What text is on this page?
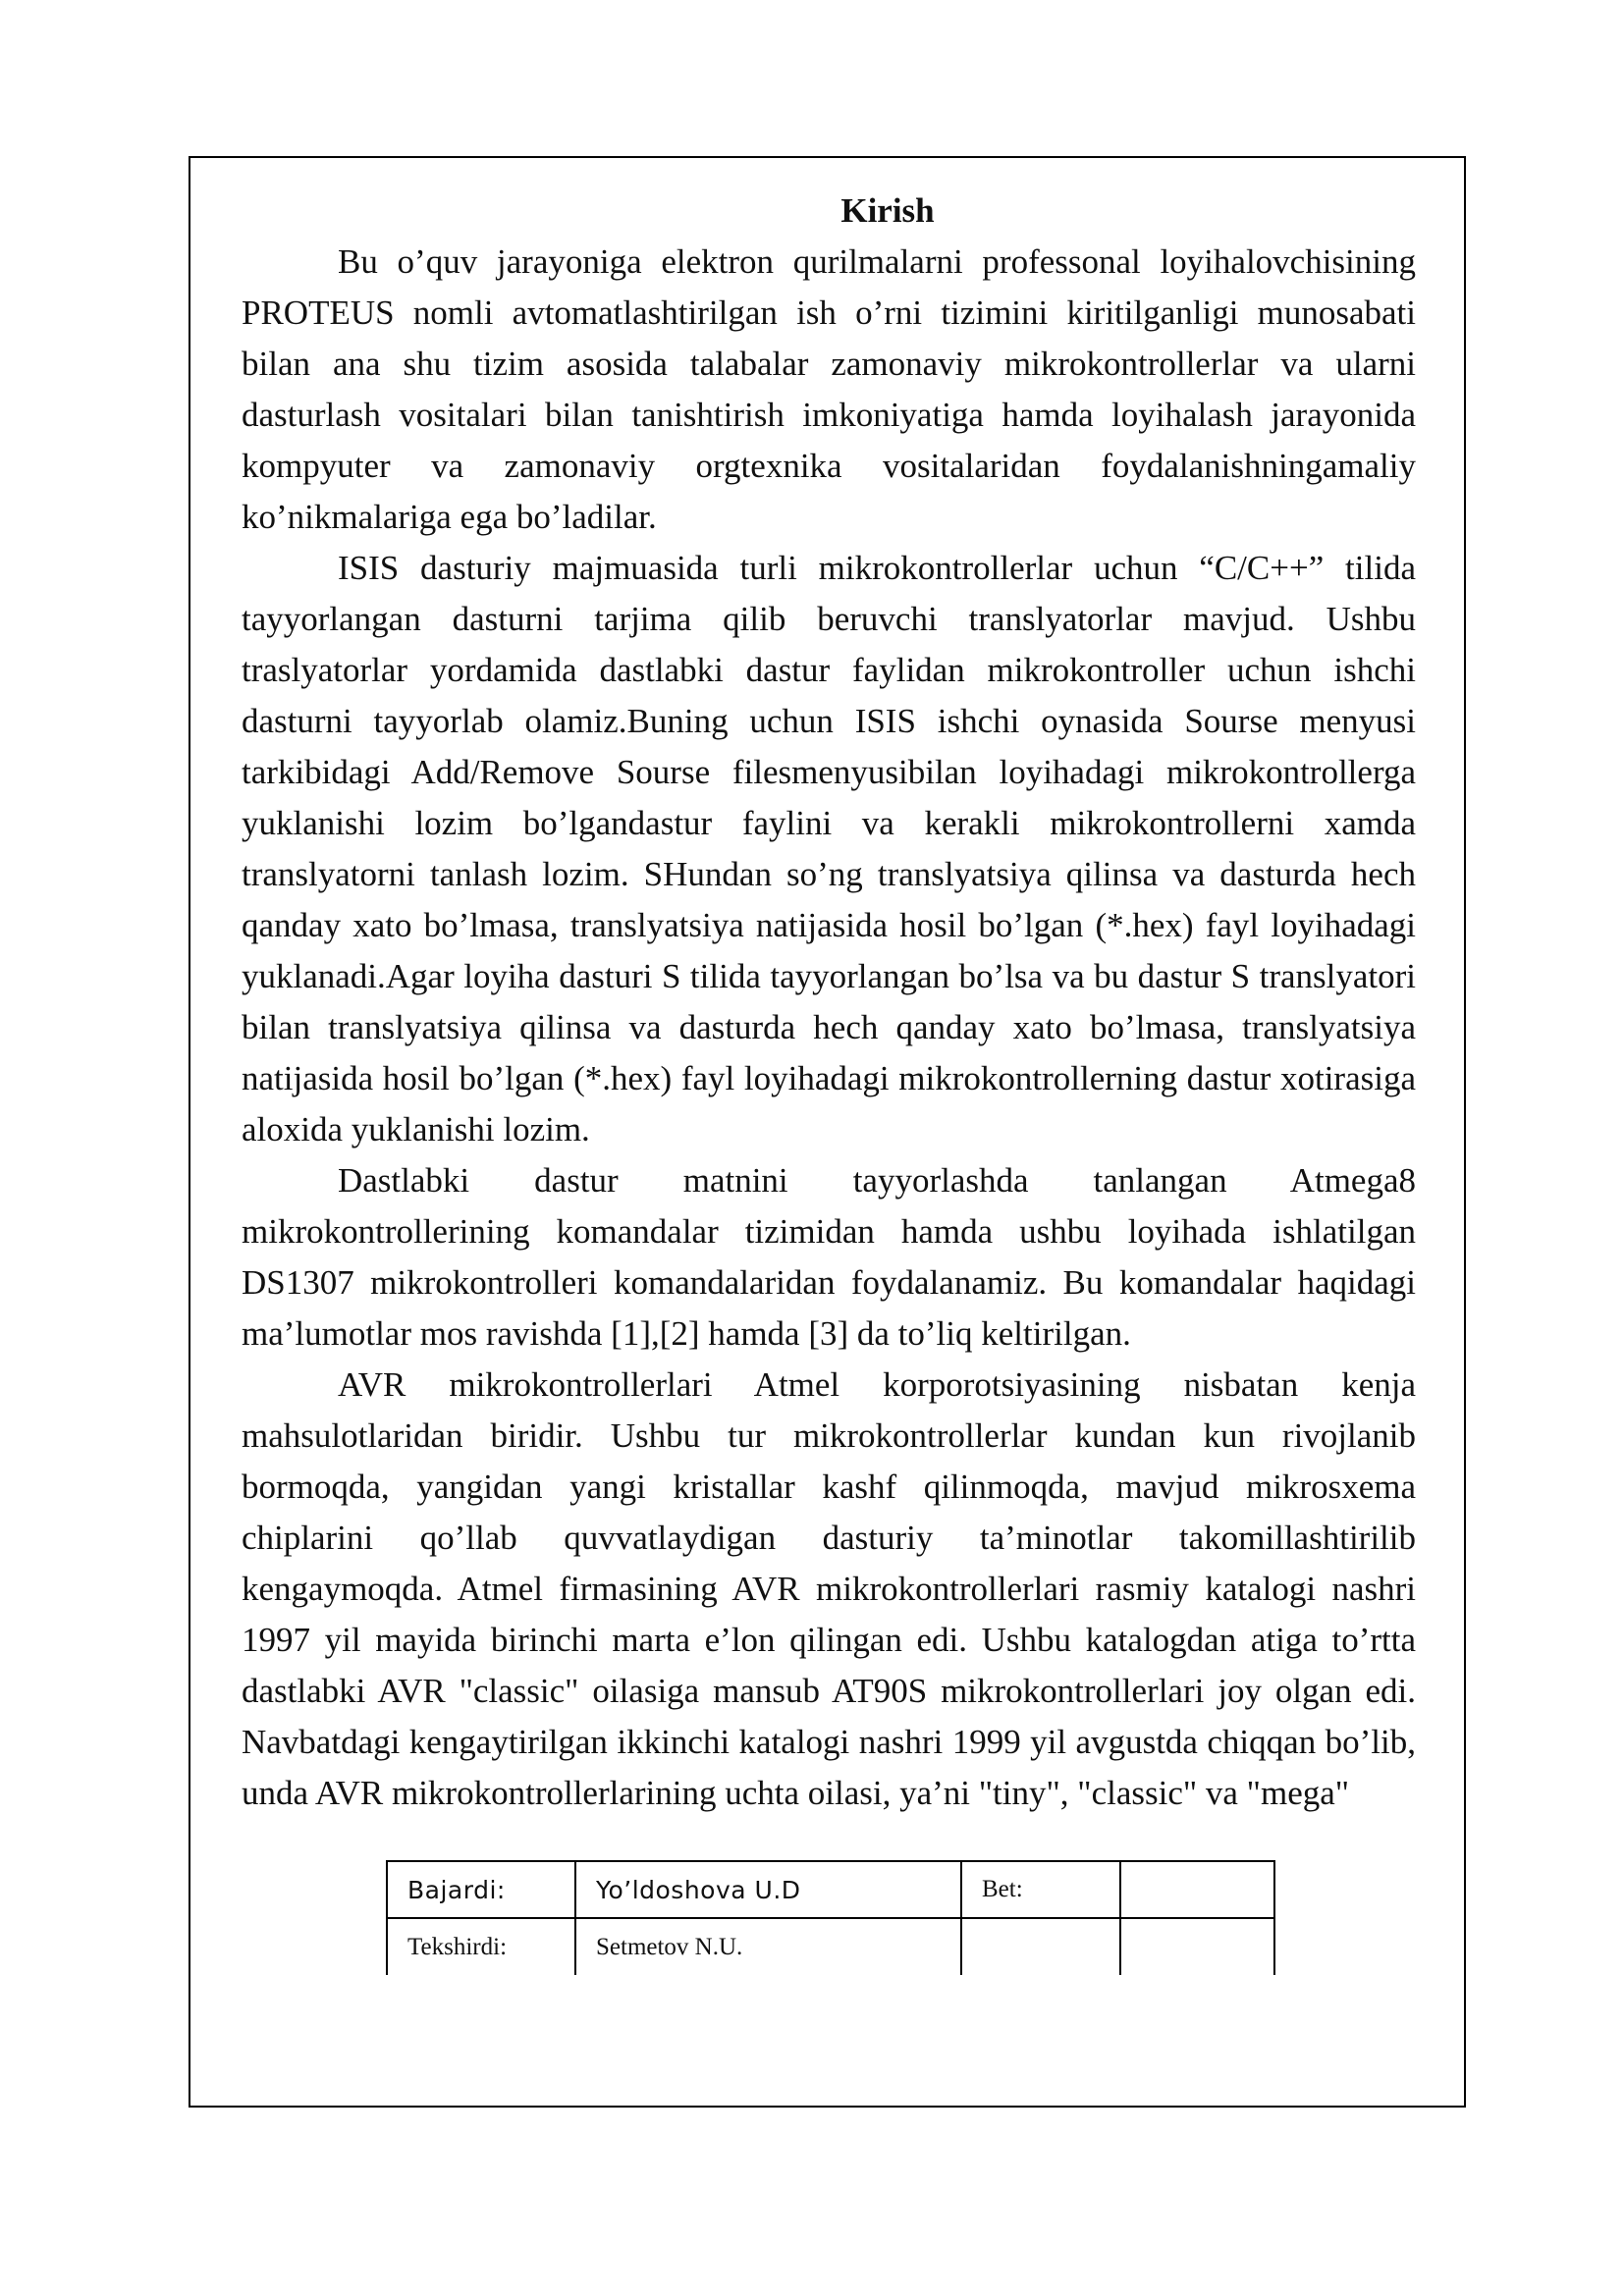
Kirish

Bu o’quv jarayoniga elektron qurilmalarni professonal loyihalovchisining PROTEUS nomli avtomatlashtirilgan ish o’rni tizimini kiritilganligi munosabati bilan ana shu tizim asosida talabalar zamonaviy mikrokontrollerlar va ularni dasturlash vositalari bilan tanishtirish imkoniyatiga hamda loyihalash jarayonida kompyuter va zamonaviy orgtexnika vositalaridan foydalanishningamaliy ko’nikmalariga ega bo’ladilar.

ISIS dasturiy majmuasida turli mikrokontrollerlar uchun “C/C++” tilida tayyorlangan dasturni tarjima qilib beruvchi translyatorlar mavjud. Ushbu traslyatorlar yordamida dastlabki dastur faylidan mikrokontroller uchun ishchi dasturni tayyorlab olamiz.Buning uchun ISIS ishchi oynasida Sourse menyusi tarkibidagi Add/Remove Sourse filesmenyusibilan loyihadagi mikrokontrollerga yuklanishi lozim bo’lgandastur faylini va kerakli mikrokontrollerni xamda translyatorni tanlash lozim. SHundan so’ng translyatsiya qilinsa va dasturda hech qanday xato bo’lmasa, translyatsiya natijasida hosil bo’lgan (*.hex) fayl loyihadagi yuklanadi.Agar loyiha dasturi S tilida tayyorlangan bo’lsa va bu dastur S translyatori bilan translyatsiya qilinsa va dasturda hech qanday xato bo’lmasa, translyatsiya natijasida hosil bo’lgan (*.hex) fayl loyihadagi mikrokontrollerning dastur xotirasiga aloxida yuklanishi lozim.

Dastlabki dastur matnini tayyorlashda tanlangan Atmega8 mikrokontrollerining komandalar tizimidan hamda ushbu loyihada ishlatilgan DS1307 mikrokontrolleri komandalaridan foydalanamiz. Bu komandalar haqidagi ma’lumotlar mos ravishda [1],[2] hamda [3] da to’liq keltirilgan.

AVR mikrokontrollerlari Atmel korporotsiyasining nisbatan kenja mahsulotlaridan biridir. Ushbu tur mikrokontrollerlar kundan kun rivojlanib bormoqda, yangidan yangi kristallar kashf qilinmoqda, mavjud mikrosxema chiplarini qo’llab quvvatlaydigan dasturiy ta’minotlar takomillashtirilib kengaymoqda. Atmel firmasining AVR mikrokontrollerlari rasmiy katalogi nashri 1997 yil mayida birinchi marta e’lon qilingan edi. Ushbu katalogdan atiga to’rtta dastlabki AVR "classic" oilasiga mansub AT90S mikrokontrollerlari joy olgan edi. Navbatdagi kengaytirilgan ikkinchi katalogi nashri 1999 yil avgustda chiqqan bo’lib, unda AVR mikrokontrollerlarining uchta oilasi, ya’ni "tiny", "classic" va "mega"

Bajardi:	Yo’ldoshova U.D	Bet:	
Tekshirdi:	Setmetov N.U.		
